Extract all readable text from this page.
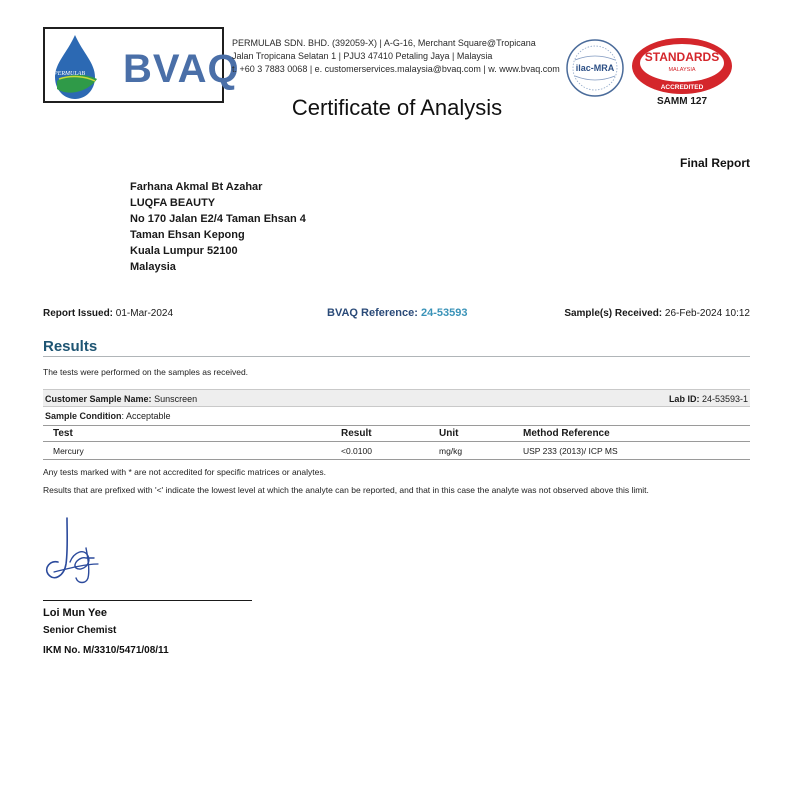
PERMULAB BVAQ
PERMULAB SDN. BHD. (392059-X) | A-G-16, Merchant Square@Tropicana
Jalan Tropicana Selatan 1 | PJU3 47410 Petaling Jaya | Malaysia
t. +60 3 7883 0068 | e. customerservices.malaysia@bvaq.com | w. www.bvaq.com
Certificate of Analysis
ilac-MRA
STANDARDS
MALAYSIA
ACCREDITED
SAMM 127
Final Report
Farhana Akmal Bt Azahar
LUQFA BEAUTY
No 170 Jalan E2/4 Taman Ehsan 4
Taman Ehsan Kepong
Kuala Lumpur 52100
Malaysia
Report Issued: 01-Mar-2024	BVAQ Reference: 24-53593	Sample(s) Received: 26-Feb-2024 10:12
Results
The tests were performed on the samples as received.
Customer Sample Name: Sunscreen	Lab ID: 24-53593-1
Sample Condition: Acceptable
Test	Result	Unit	Method Reference
Mercury	<0.0100	mg/kg	USP 233 (2013)/ ICP MS
Any tests marked with * are not accredited for specific matrices or analytes.
Results that are prefixed with '<' indicate the lowest level at which the analyte can be reported, and that in this case the analyte was not observed above this limit.
Loi Mun Yee
Senior Chemist
IKM No. M/3310/5471/08/11
